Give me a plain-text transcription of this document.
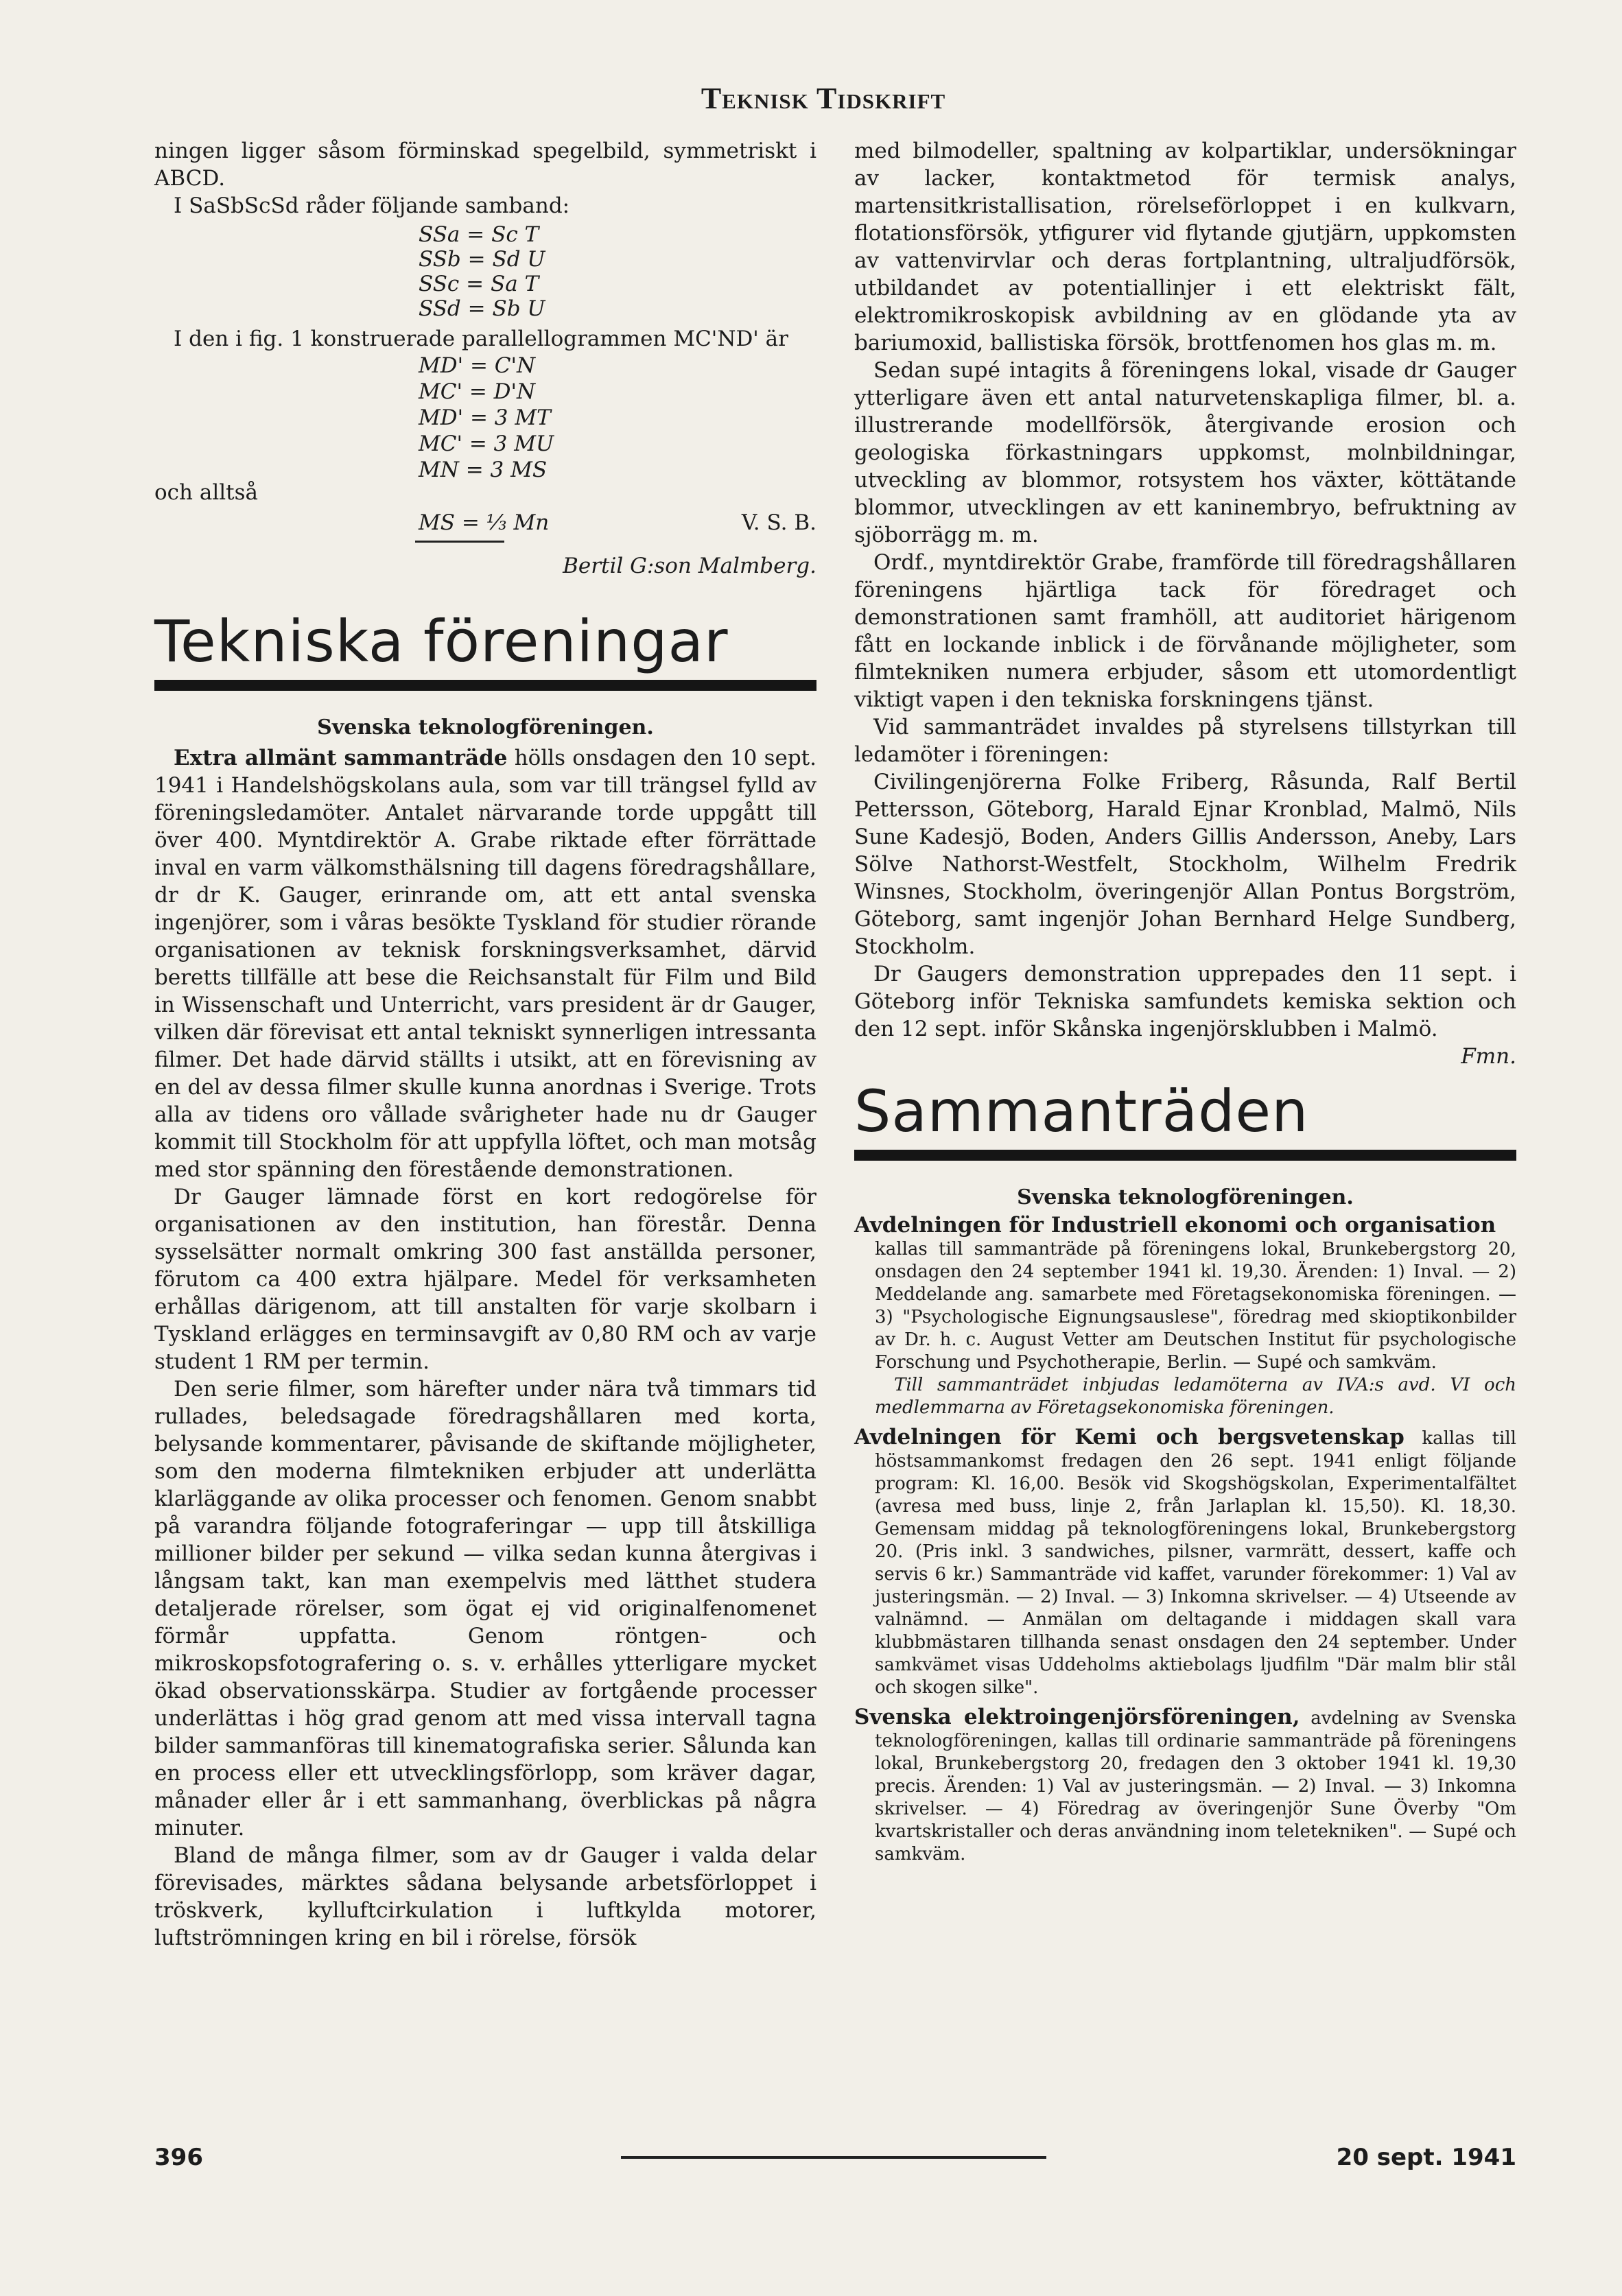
Teknisk Tidskrift

ningen ligger såsom förminskad spegelbild, symmetriskt i ABCD.

I SaSbScSd råder följande samband:

SSa = Sc T
SSb = Sd U
SSc = Sa T
SSd = Sb U

I den i fig. 1 konstruerade parallellogrammen MC'ND' är

MD' = C'N
MC' = D'N
MD' = 3 MT
MC' = 3 MU
MN = 3 MS

och alltså

MS = ⅓ Mn	V. S. B.

Bertil G:son Malmberg.

Tekniska föreningar
Svenska teknologföreningen.

Extra allmänt sammanträde hölls onsdagen den 10 sept. 1941 i Handelshögskolans aula, som var till trängsel fylld av föreningsledamöter. Antalet närvarande torde uppgått till över 400. Myntdirektör A. Grabe riktade efter förrättade inval en varm välkomsthälsning till dagens föredragshållare, dr dr K. Gauger, erinrande om, att ett antal svenska ingenjörer, som i våras besökte Tyskland för studier rörande organisationen av teknisk forskningsverksamhet, därvid beretts tillfälle att bese die Reichsanstalt für Film und Bild in Wissenschaft und Unterricht, vars president är dr Gauger, vilken där förevisat ett antal tekniskt synnerligen intressanta filmer. Det hade därvid ställts i utsikt, att en förevisning av en del av dessa filmer skulle kunna anordnas i Sverige. Trots alla av tidens oro vållade svårigheter hade nu dr Gauger kommit till Stockholm för att uppfylla löftet, och man motsåg med stor spänning den förestående demonstrationen.

Dr Gauger lämnade först en kort redogörelse för organisationen av den institution, han förestår. Denna sysselsätter normalt omkring 300 fast anställda personer, förutom ca 400 extra hjälpare. Medel för verksamheten erhållas därigenom, att till anstalten för varje skolbarn i Tyskland erlägges en terminsavgift av 0,80 RM och av varje student 1 RM per termin.

Den serie filmer, som härefter under nära två timmars tid rullades, beledsagade föredragshållaren med korta, belysande kommentarer, påvisande de skiftande möjligheter, som den moderna filmtekniken erbjuder att underlätta klarläggande av olika processer och fenomen. Genom snabbt på varandra följande fotograferingar — upp till åtskilliga millioner bilder per sekund — vilka sedan kunna återgivas i långsam takt, kan man exempelvis med lätthet studera detaljerade rörelser, som ögat ej vid originalfenomenet förmår uppfatta. Genom röntgen- och mikroskopsfotografering o. s. v. erhålles ytterligare mycket ökad observationsskärpa. Studier av fortgående processer underlättas i hög grad genom att med vissa intervall tagna bilder sammanföras till kinematografiska serier. Sålunda kan en process eller ett utvecklingsförlopp, som kräver dagar, månader eller år i ett sammanhang, överblickas på några minuter.

Bland de många filmer, som av dr Gauger i valda delar förevisades, märktes sådana belysande arbetsförloppet i tröskverk, kylluftcirkulation i luftkylda motorer, luftströmningen kring en bil i rörelse, försök

med bilmodeller, spaltning av kolpartiklar, undersökningar av lacker, kontaktmetod för termisk analys, martensitkristallisation, rörelseförloppet i en kulkvarn, flotationsförsök, ytfigurer vid flytande gjutjärn, uppkomsten av vattenvirvlar och deras fortplantning, ultraljudförsök, utbildandet av potentiallinjer i ett elektriskt fält, elektromikroskopisk avbildning av en glödande yta av bariumoxid, ballistiska försök, brottfenomen hos glas m. m.

Sedan supé intagits å föreningens lokal, visade dr Gauger ytterligare även ett antal naturvetenskapliga filmer, bl. a. illustrerande modellförsök, återgivande erosion och geologiska förkastningars uppkomst, molnbildningar, utveckling av blommor, rotsystem hos växter, köttätande blommor, utvecklingen av ett kaninembryo, befruktning av sjöborrägg m. m.

Ordf., myntdirektör Grabe, framförde till föredragshållaren föreningens hjärtliga tack för föredraget och demonstrationen samt framhöll, att auditoriet härigenom fått en lockande inblick i de förvånande möjligheter, som filmtekniken numera erbjuder, såsom ett utomordentligt viktigt vapen i den tekniska forskningens tjänst.

Vid sammanträdet invaldes på styrelsens tillstyrkan till ledamöter i föreningen:

Civilingenjörerna Folke Friberg, Råsunda, Ralf Bertil Pettersson, Göteborg, Harald Ejnar Kronblad, Malmö, Nils Sune Kadesjö, Boden, Anders Gillis Andersson, Aneby, Lars Sölve Nathorst-Westfelt, Stockholm, Wilhelm Fredrik Winsnes, Stockholm, överingenjör Allan Pontus Borgström, Göteborg, samt ingenjör Johan Bernhard Helge Sundberg, Stockholm.

Dr Gaugers demonstration upprepades den 11 sept. i Göteborg inför Tekniska samfundets kemiska sektion och den 12 sept. inför Skånska ingenjörsklubben i Malmö.

Fmn.

Sammanträden
Svenska teknologföreningen.
Avdelningen för Industriell ekonomi och organisation
kallas till sammanträde på föreningens lokal, Brunkebergstorg 20, onsdagen den 24 september 1941 kl. 19,30. Ärenden: 1) Inval. — 2) Meddelande ang. samarbete med Företagsekonomiska föreningen. — 3) "Psychologische Eignungsauslese", föredrag med skioptikonbilder av Dr. h. c. August Vetter am Deutschen Institut für psychologische Forschung und Psychotherapie, Berlin. — Supé och samkväm.

Till sammanträdet inbjudas ledamöterna av IVA:s avd. VI och medlemmarna av Företagsekonomiska föreningen.

Avdelningen för Kemi och bergsvetenskap kallas till höstsammankomst fredagen den 26 sept. 1941 enligt följande program: Kl. 16,00. Besök vid Skogshögskolan, Experimentalfältet (avresa med buss, linje 2, från Jarlaplan kl. 15,50). Kl. 18,30. Gemensam middag på teknologföreningens lokal, Brunkebergstorg 20. (Pris inkl. 3 sandwiches, pilsner, varmrätt, dessert, kaffe och servis 6 kr.) Sammanträde vid kaffet, varunder förekommer: 1) Val av justeringsmän. — 2) Inval. — 3) Inkomna skrivelser. — 4) Utseende av valnämnd. — Anmälan om deltagande i middagen skall vara klubbmästaren tillhanda senast onsdagen den 24 september. Under samkvämet visas Uddeholms aktiebolags ljudfilm "Där malm blir stål och skogen silke".
Svenska elektroingenjörsföreningen, avdelning av Svenska teknologföreningen, kallas till ordinarie sammanträde på föreningens lokal, Brunkebergstorg 20, fredagen den 3 oktober 1941 kl. 19,30 precis. Ärenden: 1) Val av justeringsmän. — 2) Inval. — 3) Inkomna skrivelser. — 4) Föredrag av överingenjör Sune Överby "Om kvartskristaller och deras användning inom teletekniken". — Supé och samkväm.
396	20 sept. 1941
